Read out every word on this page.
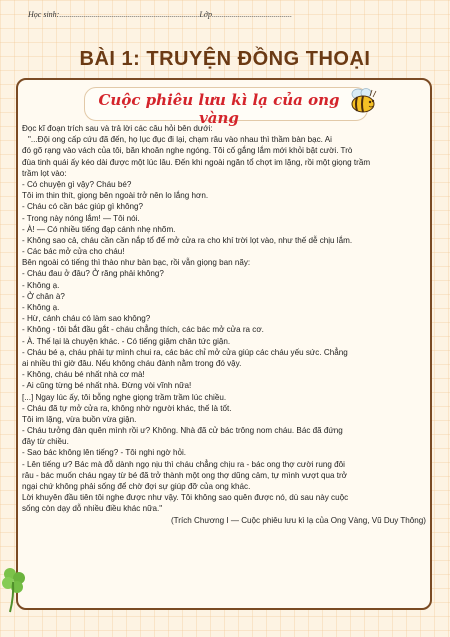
Học sinh:......................................................................Lớp........................................
BÀI 1: TRUYỆN ĐỒNG THOẠI
Cuộc phiêu lưu kì lạ của ong vàng

Đọc kĩ đoạn trích sau và trả lời các câu hỏi bên dưới:

"...Đội ong cấp cứu đã đến, họ lục đục đi lại, chạm râu vào nhau thì thầm bàn bạc. Ai

đó gõ rạng vào vách của tôi, băn khoăn nghe ngóng. Tôi cố gắng lắm mới khỏi bật cười. Trò

đùa tinh quái ấy kéo dài được một lúc lâu. Đến khi ngoài ngăn tổ chợt im lặng, rồi một giọng trầm

trầm lọt vào:

- Có chuyện gì vậy? Cháu bé?

Tôi im thin thít, giọng bên ngoài trở nên lo lắng hơn.

- Cháu có cần bác giúp gì không?

- Trong này nóng lắm! — Tôi nói.

- À! — Có nhiều tiếng đạp cánh nhẹ nhõm.

- Không sao cả, cháu cần cần nắp tổ để mở cửa ra cho khí trời lọt vào, như thế dễ chịu lắm.

- Các bác mở cửa cho cháu!

Bên ngoài có tiếng thì thào như bàn bạc, rồi vẫn giọng ban nãy:

- Cháu đau ở đâu? Ở răng phải không?

- Không ạ.

- Ở chân à?

- Không ạ.

- Hừ, cánh cháu có làm sao không?

- Không - tôi bắt đầu gắt - cháu chẳng thích, các bác mở cửa ra cơ.

- À. Thế lại là chuyện khác. - Có tiếng giậm chân tức giận.

- Cháu bé ạ, cháu phải tự mình chui ra, các bác chỉ mở cửa giúp các cháu yếu sức. Chẳng

ai nhiều thì giờ đâu. Nếu không cháu đành nằm trong đó vậy.

- Không, cháu bé nhất nhà cơ mà!

- Ai cũng từng bé nhất nhà. Đừng vòi vĩnh nữa!

[...] Ngay lúc ấy, tôi bỗng nghe giọng trầm trầm lúc chiều.

- Cháu đã tự mở cửa ra, không nhờ người khác, thế là tốt.

Tôi im lặng, vừa buồn vừa giận.

- Cháu tưởng đàn quên mình rồi ư? Không. Nhà đã cử bác trông nom cháu. Bác đã đứng

đây từ chiều.

- Sao bác không lên tiếng? - Tôi nghi ngờ hỏi.

- Lên tiếng ư? Bác mà đỗ dành ngọ nịu thì cháu chẳng chịu ra - bác ong thợ cười rung đôi

râu - bác muốn cháu ngay từ bé đã trở thành một ong thợ dũng cảm, tự mình vượt qua trở

ngại chứ không phải sống để chờ đợi sự giúp đỡ của ong khác.

Lời khuyên đầu tiên tôi nghe được như vậy. Tôi không sao quên được nó, dù sau này cuộc

sống còn dạy dỗ nhiều điều khác nữa."

(Trích Chương I — Cuộc phiêu lưu kì lạ của Ong Vàng, Vũ Duy Thông)
